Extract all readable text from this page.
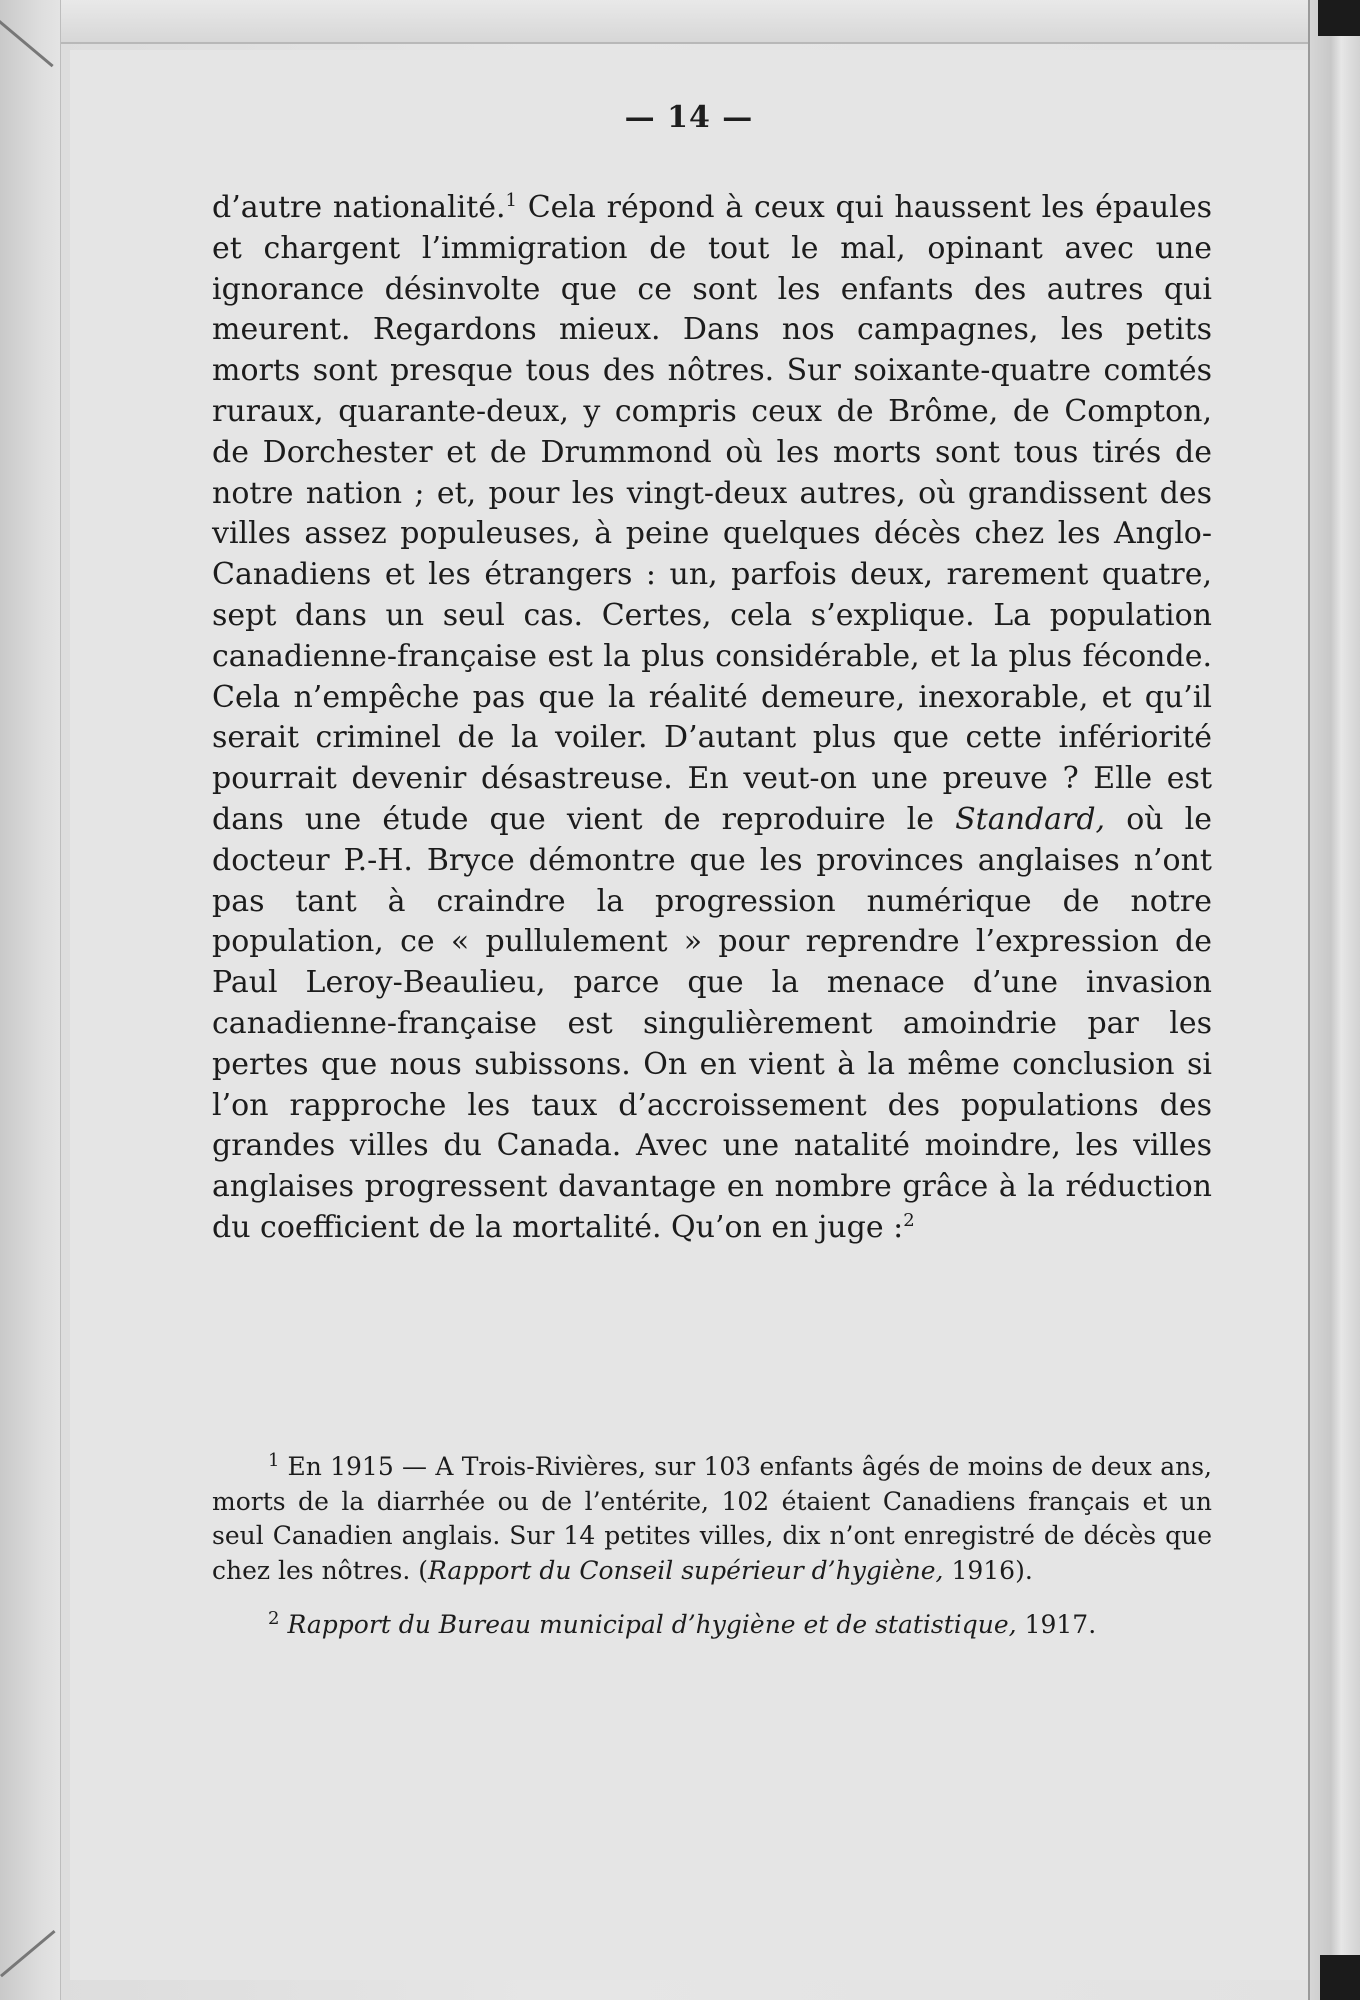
— 14 —

d’autre nationalité.$^1$ Cela répond à ceux qui haussent les épaules et chargent l’immigration de tout le mal, opinant avec une ignorance désinvolte que ce sont les enfants des autres qui meurent. Regardons mieux. Dans nos campagnes, les petits morts sont presque tous des nôtres. Sur soixante-quatre comtés ruraux, quarante-deux, y compris ceux de Brôme, de Compton, de Dorchester et de Drummond où les morts sont tous tirés de notre nation ; et, pour les vingt-deux autres, où grandissent des villes assez populeuses, à peine quelques décès chez les Anglo-Canadiens et les étrangers : un, parfois deux, rarement quatre, sept dans un seul cas. Certes, cela s’explique. La population canadienne-française est la plus considérable, et la plus féconde. Cela n’empêche pas que la réalité demeure, inexorable, et qu’il serait criminel de la voiler. D’autant plus que cette infériorité pourrait devenir désastreuse. En veut-on une preuve ? Elle est dans une étude que vient de reproduire le Standard, où le docteur P.-H. Bryce démontre que les provinces anglaises n’ont pas tant à craindre la progression numérique de notre population, ce « pullulement » pour reprendre l’expression de Paul Leroy-Beaulieu, parce que la menace d’une invasion canadienne-française est singulièrement amoindrie par les pertes que nous subissons. On en vient à la même conclusion si l’on rapproche les taux d’accroissement des populations des grandes villes du Canada. Avec une natalité moindre, les villes anglaises progressent davantage en nombre grâce à la réduction du coefficient de la mortalité. Qu’on en juge :$^2$

$^1$ En 1915 — A Trois-Rivières, sur 103 enfants âgés de moins de deux ans, morts de la diarrhée ou de l’entérite, 102 étaient Canadiens français et un seul Canadien anglais. Sur 14 petites villes, dix n’ont enregistré de décès que chez les nôtres. (Rapport du Conseil supérieur d’hygiène, 1916).

$^2$ Rapport du Bureau municipal d’hygiène et de statistique, 1917.
